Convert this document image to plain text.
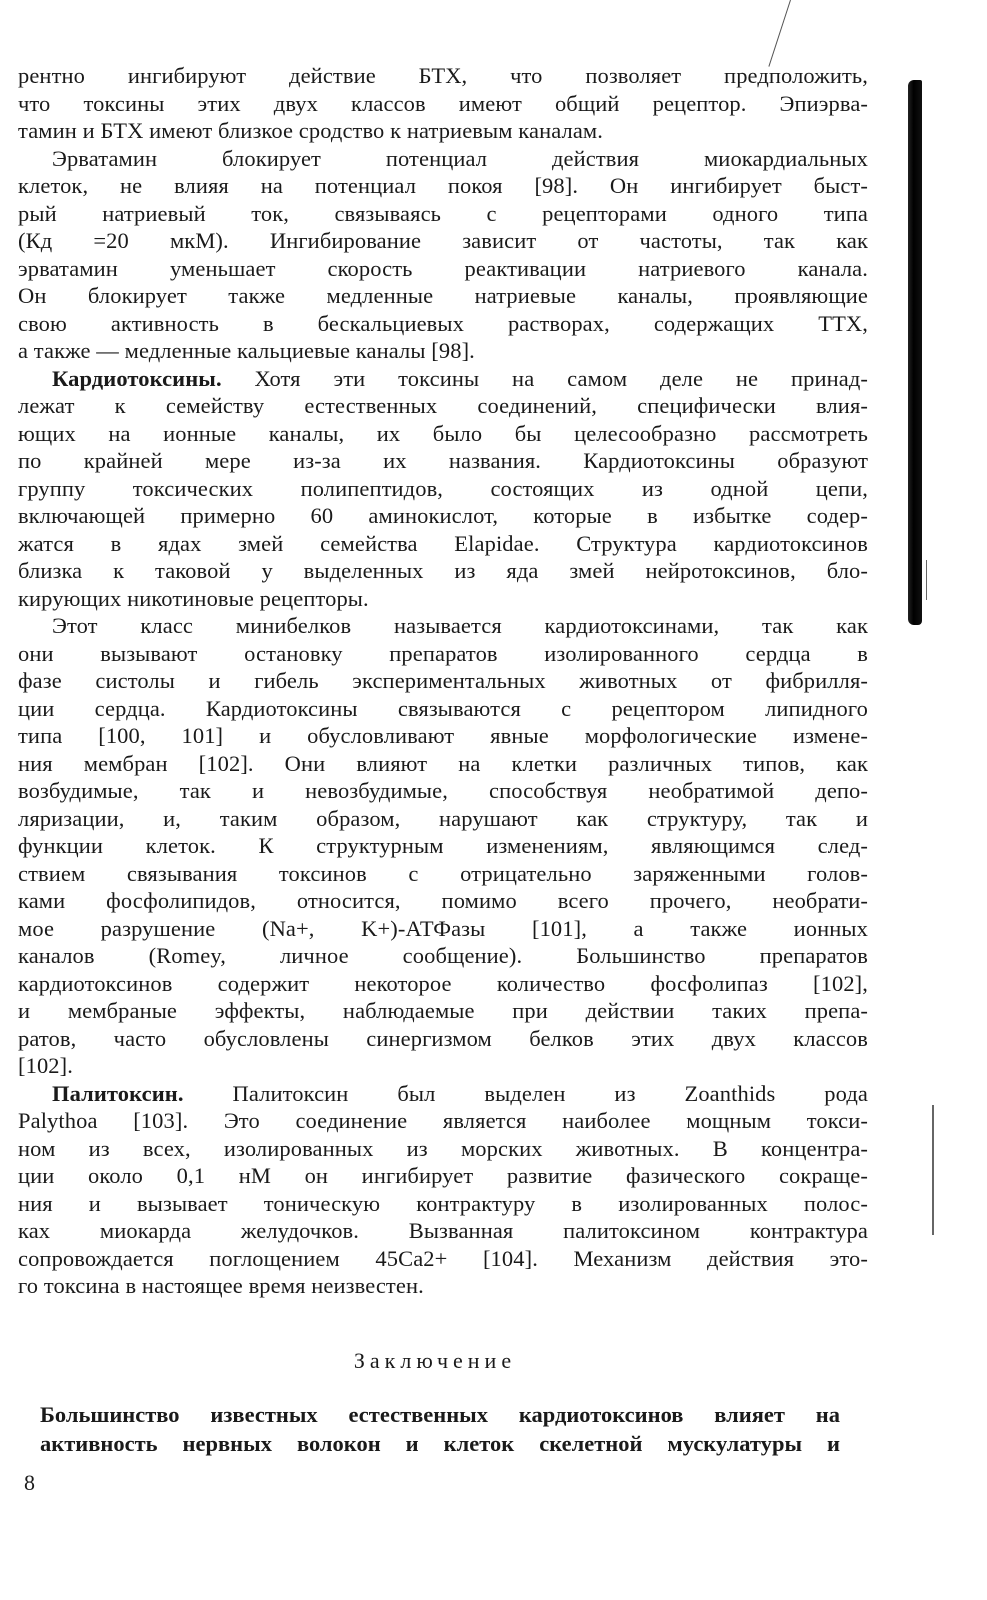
рентно ингибируют действие БТХ, что позволяет предположить,
что токсины этих двух классов имеют общий рецептор. Эпиэрва-
тамин и БТХ имеют близкое сродство к натриевым каналам.
Эрватамин блокирует потенциал действия миокардиальных
клеток, не влияя на потенциал покоя [98]. Он ингибирует быст-
рый натриевый ток, связываясь с рецепторами одного типа
(Кд =20 мкМ). Ингибирование зависит от частоты, так как
эрватамин уменьшает скорость реактивации натриевого канала.
Он блокирует также медленные натриевые каналы, проявляющие
свою активность в бескальциевых растворах, содержащих ТТХ,
а также — медленные кальциевые каналы [98].
Кардиотоксины. Хотя эти токсины на самом деле не принад-
лежат к семейству естественных соединений, специфически влия-
ющих на ионные каналы, их было бы целесообразно рассмотреть
по крайней мере из-за их названия. Кардиотоксины образуют
группу токсических полипептидов, состоящих из одной цепи,
включающей примерно 60 аминокислот, которые в избытке содер-
жатся в ядах змей семейства Elapidae. Структура кардиотоксинов
близка к таковой у выделенных из яда змей нейротоксинов, бло-
кирующих никотиновые рецепторы.
Этот класс минибелков называется кардиотоксинами, так как
они вызывают остановку препаратов изолированного сердца в
фазе систолы и гибель экспериментальных животных от фибрилля-
ции сердца. Кардиотоксины связываются с рецептором липидного
типа [100, 101] и обусловливают явные морфологические измене-
ния мембран [102]. Они влияют на клетки различных типов, как
возбудимые, так и невозбудимые, способствуя необратимой депо-
ляризации, и, таким образом, нарушают как структуру, так и
функции клеток. К структурным изменениям, являющимся след-
ствием связывания токсинов с отрицательно заряженными голов-
ками фосфолипидов, относится, помимо всего прочего, необрати-
мое разрушение (Na+, K+)-АТФазы [101], а также ионных
каналов (Romey, личное сообщение). Большинство препаратов
кардиотоксинов содержит некоторое количество фосфолипаз [102],
и мембраные эффекты, наблюдаемые при действии таких препа-
ратов, часто обусловлены синергизмом белков этих двух классов
[102].
Палитоксин. Палитоксин был выделен из Zoanthids рода
Palythoa [103]. Это соединение является наиболее мощным токси-
ном из всех, изолированных из морских животных. В концентра-
ции около 0,1 нМ он ингибирует развитие фазического сокраще-
ния и вызывает тоническую контрактуру в изолированных полос-
ках миокарда желудочков. Вызванная палитоксином контрактура
сопровождается поглощением 45Ca2+ [104]. Механизм действия это-
го токсина в настоящее время неизвестен.
Заключение
Большинство известных естественных кардиотоксинов влияет на
активность нервных волокон и клеток скелетной мускулатуры и
8
